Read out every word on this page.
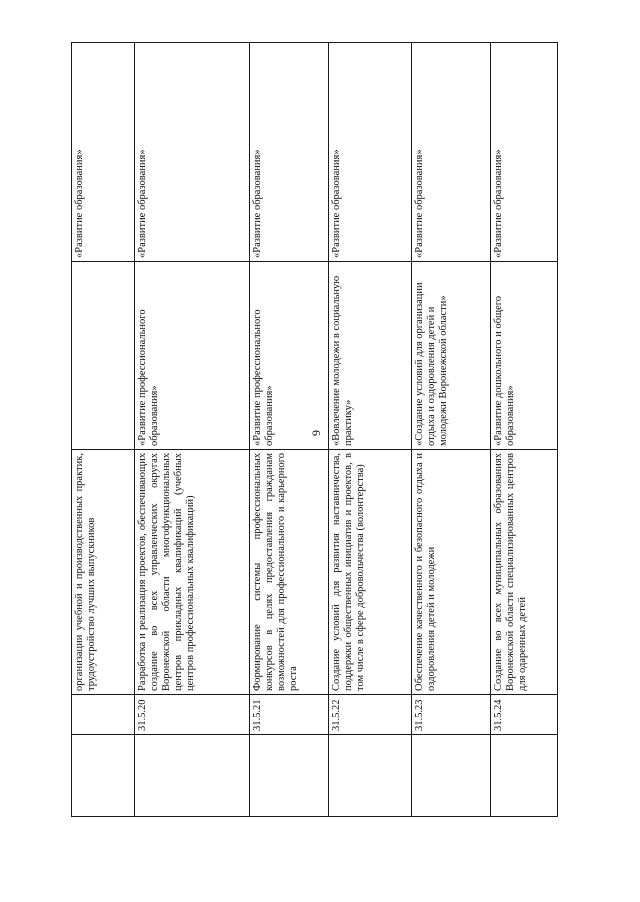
9
		организации учебной и производственных практик, трудоустройство лучших выпускников		«Развитие образования»
	31.5.20	Разработка и реализация проектов, обеспечивающих создание во всех управленческих округах Воронежской области многофункциональных центров прикладных квалификаций (учебных центров профессиональных квалификаций)	«Развитие профессионального образования»	«Развитие образования»
	31.5.21	Формирование системы профессиональных конкурсов в целях предоставления гражданам возможностей для профессионального и карьерного роста	«Развитие профессионального образования»	«Развитие образования»
	31.5.22	Создание условий для развития наставничества, поддержки общественных инициатив и проектов, в том числе в сфере добровольчества (волонтерства)	«Вовлечение молодежи в социальную практику»	«Развитие образования»
	31.5.23	Обеспечение качественного и безопасного отдыха и оздоровления детей и молодежи	«Создание условий для организации отдыха и оздоровления детей и молодежи Воронежской области»	«Развитие образования»
	31.5.24	Создание во всех муниципальных образованиях Воронежской области специализированных центров для одаренных детей	«Развитие дошкольного и общего образования»	«Развитие образования»
